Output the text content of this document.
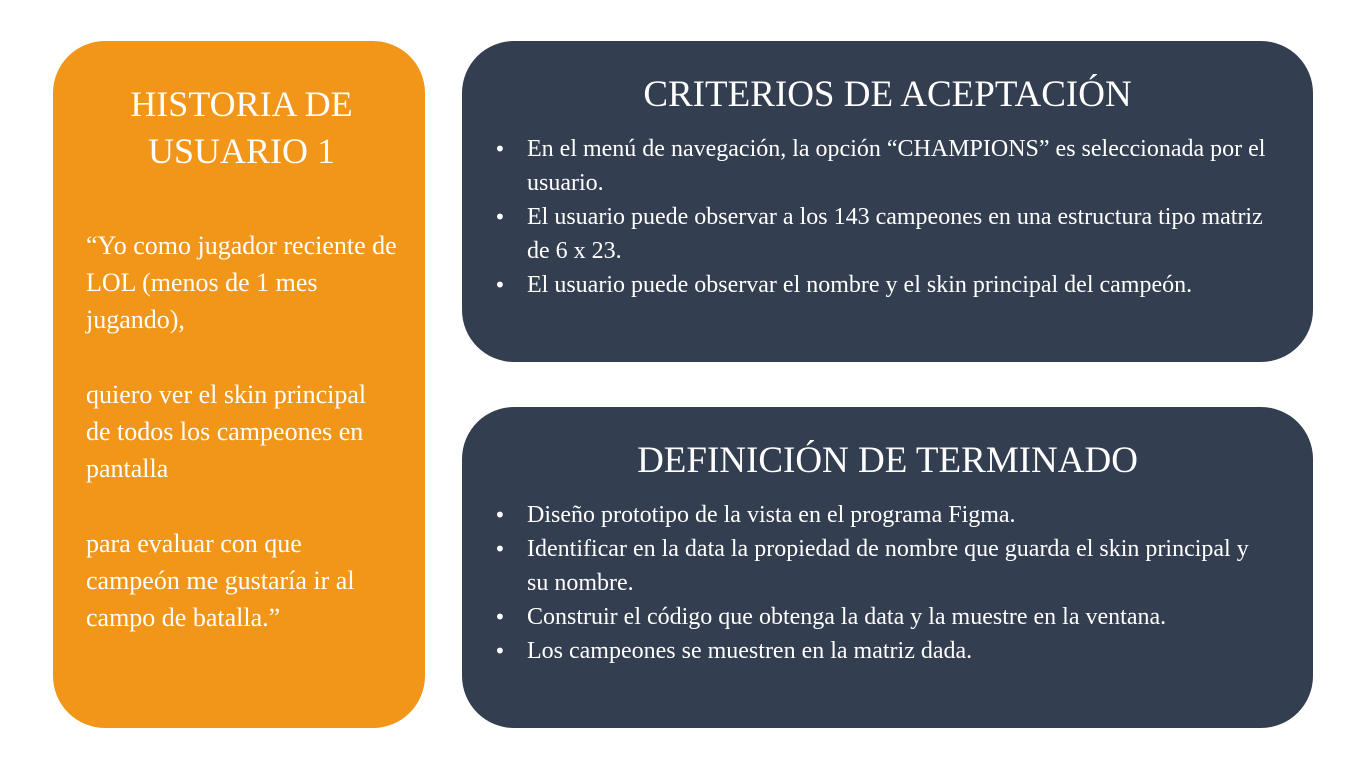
HISTORIA DE
USUARIO 1

“Yo como jugador reciente de LOL (menos de 1 mes jugando),

quiero ver el skin principal de todos los campeones en pantalla

para evaluar con que campeón me gustaría ir al campo de batalla.”

CRITERIOS DE ACEPTACIÓN
• En el menú de navegación, la opción “CHAMPIONS” es seleccionada por el usuario.
• El usuario puede observar a los 143 campeones en una estructura tipo matriz de 6 x 23.
• El usuario puede observar el nombre y el skin principal del campeón.
DEFINICIÓN DE TERMINADO
• Diseño prototipo de la vista en el programa Figma.
• Identificar en la data la propiedad de nombre que guarda el skin principal y su nombre.
• Construir el código que obtenga la data y la muestre en la ventana.
• Los campeones se muestren en la matriz dada.
